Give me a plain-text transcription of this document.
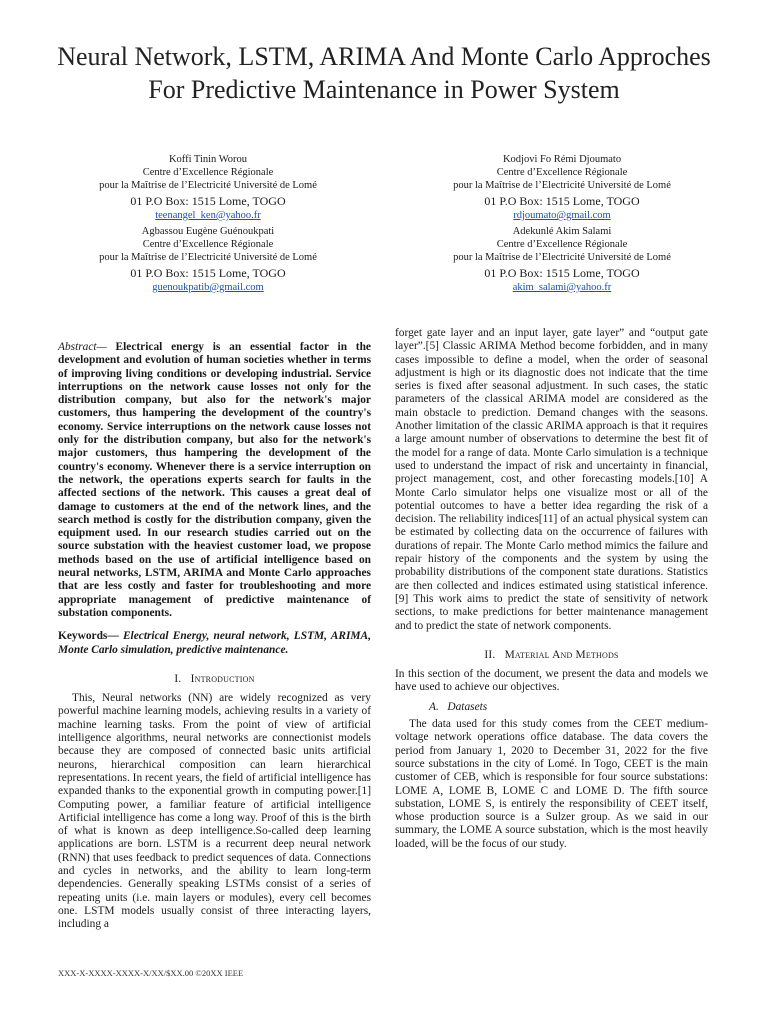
Neural Network, LSTM, ARIMA And Monte Carlo Approches For Predictive Maintenance in Power System
Koffi Tinin Worou
Centre d’Excellence Régionale
pour la Maîtrise de l’Electricité Université de Lomé
01 P.O Box: 1515 Lome, TOGO
teenangel_ken@yahoo.fr
Kodjovi Fo Rémi Djoumato
Centre d’Excellence Régionale
pour la Maîtrise de l’Electricité Université de Lomé
01 P.O Box: 1515 Lome, TOGO
rdjoumato@gmail.com
Agbassou Eugène Guénoukpati
Centre d’Excellence Régionale
pour la Maîtrise de l’Electricité Université de Lomé
01 P.O Box: 1515 Lome, TOGO
guenoukpatib@gmail.com
Adekunlé Akim Salami
Centre d’Excellence Régionale
pour la Maîtrise de l’Electricité Université de Lomé
01 P.O Box: 1515 Lome, TOGO
akim_salami@yahoo.fr

Abstract— Electrical energy is an essential factor in the development and evolution of human societies whether in terms of improving living conditions or developing industrial. Service interruptions on the network cause losses not only for the distribution company, but also for the network's major customers, thus hampering the development of the country's economy. Service interruptions on the network cause losses not only for the distribution company, but also for the network's major customers, thus hampering the development of the country's economy. Whenever there is a service interruption on the network, the operations experts search for faults in the affected sections of the network. This causes a great deal of damage to customers at the end of the network lines, and the search method is costly for the distribution company, given the equipment used. In our research studies carried out on the source substation with the heaviest customer load, we propose methods based on the use of artificial intelligence based on neural networks, LSTM, ARIMA and Monte Carlo approaches that are less costly and faster for troubleshooting and more appropriate management of predictive maintenance of substation components.

Keywords— Electrical Energy, neural network, LSTM, ARIMA, Monte Carlo simulation, predictive maintenance.

I. Introduction

This, Neural networks (NN) are widely recognized as very powerful machine learning models, achieving results in a variety of machine learning tasks. From the point of view of artificial intelligence algorithms, neural networks are connectionist models because they are composed of connected basic units artificial neurons, hierarchical composition can learn hierarchical representations. In recent years, the field of artificial intelligence has expanded thanks to the exponential growth in computing power.[1] Computing power, a familiar feature of artificial intelligence Artificial intelligence has come a long way. Proof of this is the birth of what is known as deep intelligence.So-called deep learning applications are born. LSTM is a recurrent deep neural network (RNN) that uses feedback to predict sequences of data. Connections and cycles in networks, and the ability to learn long-term dependencies. Generally speaking LSTMs consist of a series of repeating units (i.e. main layers or modules), every cell becomes one. LSTM models usually consist of three interacting layers, including a

forget gate layer and an input layer, gate layer” and “output gate layer”.[5] Classic ARIMA Method become forbidden, and in many cases impossible to define a model, when the order of seasonal adjustment is high or its diagnostic does not indicate that the time series is fixed after seasonal adjustment. In such cases, the static parameters of the classical ARIMA model are considered as the main obstacle to prediction. Demand changes with the seasons. Another limitation of the classic ARIMA approach is that it requires a large amount number of observations to determine the best fit of the model for a range of data. Monte Carlo simulation is a technique used to understand the impact of risk and uncertainty in financial, project management, cost, and other forecasting models.[10] A Monte Carlo simulator helps one visualize most or all of the potential outcomes to have a better idea regarding the risk of a decision. The reliability indices[11] of an actual physical system can be estimated by collecting data on the occurrence of failures with durations of repair. The Monte Carlo method mimics the failure and repair history of the components and the system by using the probability distributions of the component state durations. Statistics are then collected and indices estimated using statistical inference.[9] This work aims to predict the state of sensitivity of network sections, to make predictions for better maintenance management and to predict the state of network components.

II. Material And Methods

In this section of the document, we present the data and models we have used to achieve our objectives.

A. Datasets

The data used for this study comes from the CEET medium-voltage network operations office database. The data covers the period from January 1, 2020 to December 31, 2022 for the five source substations in the city of Lomé. In Togo, CEET is the main customer of CEB, which is responsible for four source substations: LOME A, LOME B, LOME C and LOME D. The fifth source substation, LOME S, is entirely the responsibility of CEET itself, whose production source is a Sulzer group. As we said in our summary, the LOME A source substation, which is the most heavily loaded, will be the focus of our study.

XXX-X-XXXX-XXXX-X/XX/$XX.00 ©20XX IEEE
